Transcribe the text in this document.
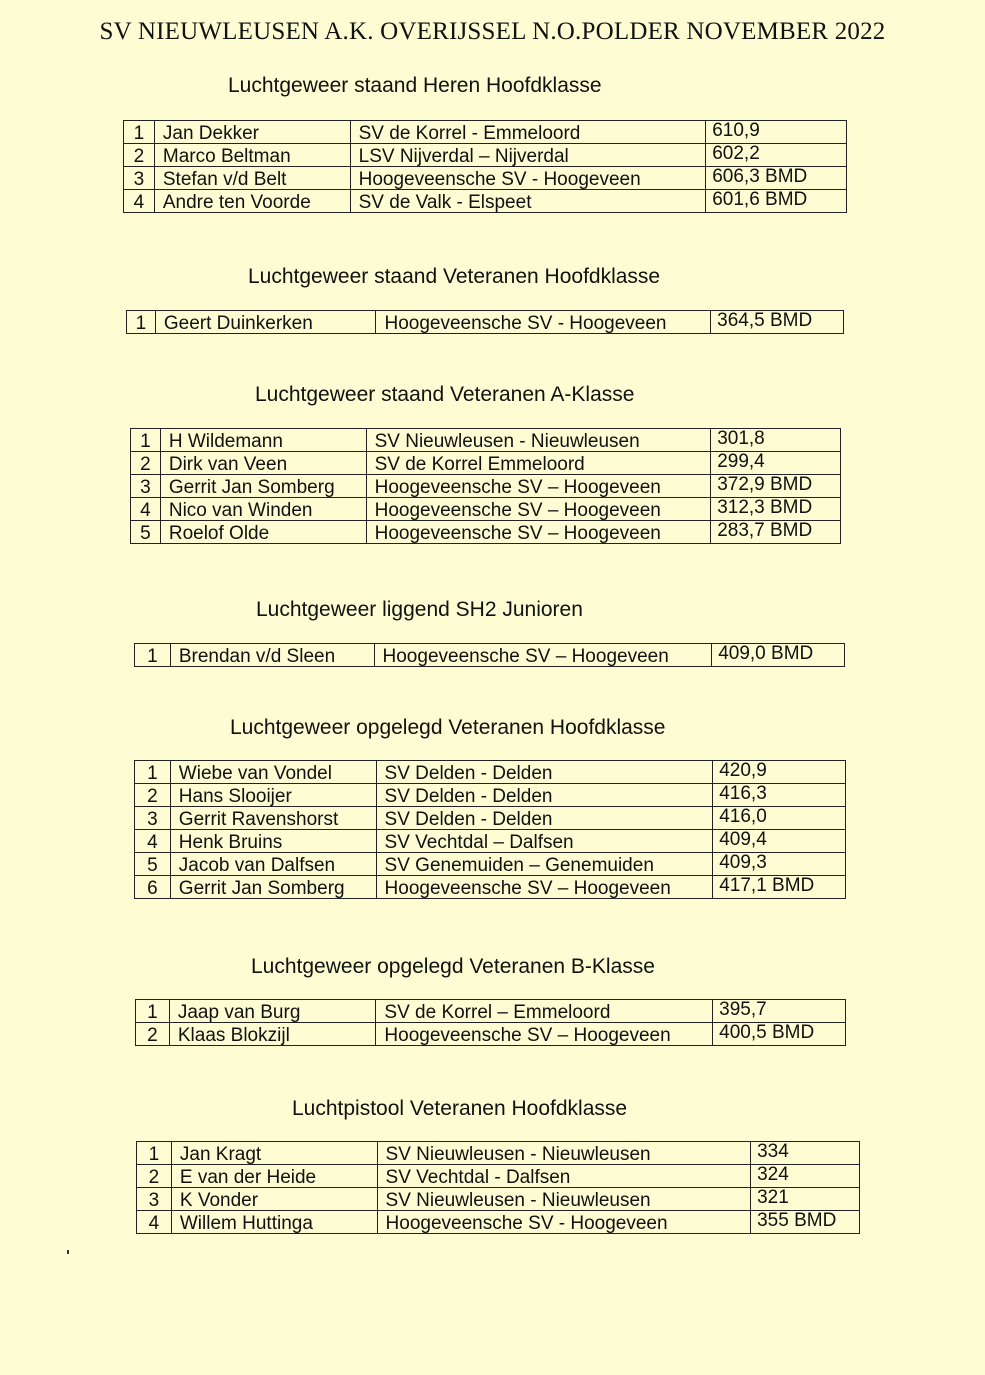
SV NIEUWLEUSEN A.K. OVERIJSSEL N.O.POLDER NOVEMBER 2022
Luchtgeweer staand Heren Hoofdklasse
1	Jan Dekker	SV de Korrel - Emmeloord	610,9
2	Marco Beltman	LSV Nijverdal – Nijverdal	602,2
3	Stefan v/d Belt	Hoogeveensche SV - Hoogeveen	606,3 BMD
4	Andre ten Voorde	SV de Valk - Elspeet	601,6 BMD
Luchtgeweer staand Veteranen Hoofdklasse
1	Geert Duinkerken	Hoogeveensche SV - Hoogeveen	364,5 BMD
Luchtgeweer staand Veteranen A-Klasse
1	H Wildemann	SV Nieuwleusen - Nieuwleusen	301,8
2	Dirk van Veen	SV de Korrel Emmeloord	299,4
3	Gerrit Jan Somberg	Hoogeveensche SV – Hoogeveen	372,9 BMD
4	Nico van Winden	Hoogeveensche SV – Hoogeveen	312,3 BMD
5	Roelof Olde	Hoogeveensche SV – Hoogeveen	283,7 BMD
Luchtgeweer liggend SH2 Junioren
1	Brendan v/d Sleen	Hoogeveensche SV – Hoogeveen	409,0 BMD
Luchtgeweer opgelegd Veteranen Hoofdklasse
1	Wiebe van Vondel	SV Delden - Delden	420,9
2	Hans Slooijer	SV Delden - Delden	416,3
3	Gerrit Ravenshorst	SV Delden - Delden	416,0
4	Henk Bruins	SV Vechtdal – Dalfsen	409,4
5	Jacob van Dalfsen	SV Genemuiden – Genemuiden	409,3
6	Gerrit Jan Somberg	Hoogeveensche SV – Hoogeveen	417,1 BMD
Luchtgeweer opgelegd Veteranen B-Klasse
1	Jaap van Burg	SV de Korrel – Emmeloord	395,7
2	Klaas Blokzijl	Hoogeveensche SV – Hoogeveen	400,5 BMD
Luchtpistool Veteranen Hoofdklasse
1	Jan Kragt	SV Nieuwleusen - Nieuwleusen	334
2	E van der Heide	SV Vechtdal - Dalfsen	324
3	K Vonder	SV Nieuwleusen - Nieuwleusen	321
4	Willem Huttinga	Hoogeveensche SV - Hoogeveen	355 BMD
